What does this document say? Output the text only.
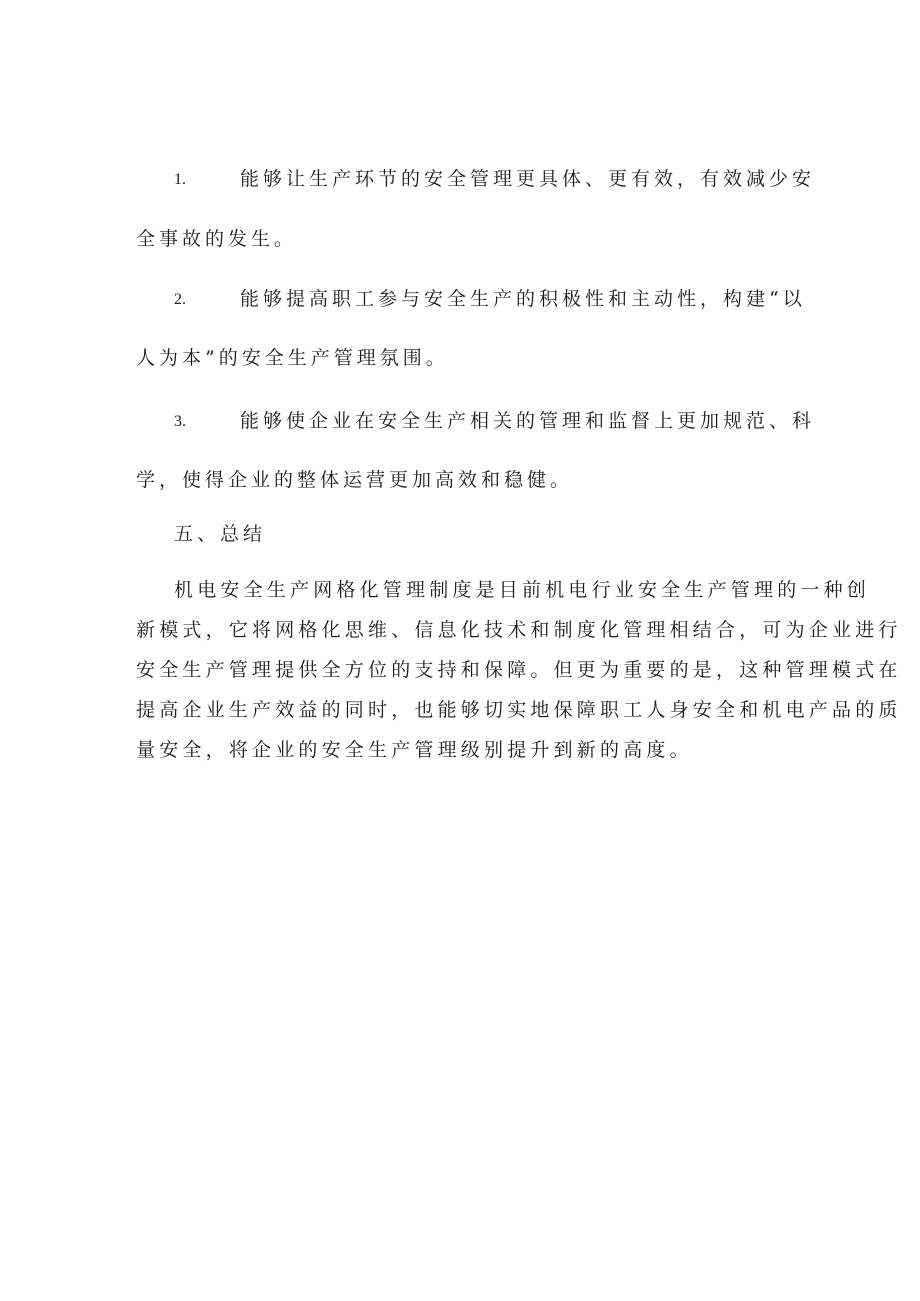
1.	能够让生产环节的安全管理更具体、更有效，有效减少安
全事故的发生。
2.	能够提高职工参与安全生产的积极性和主动性，构建“以
人为本”的安全生产管理氛围。
3.	能够使企业在安全生产相关的管理和监督上更加规范、科
学，使得企业的整体运营更加高效和稳健。
五、总结
机电安全生产网格化管理制度是目前机电行业安全生产管理的一种创
新模式，它将网格化思维、信息化技术和制度化管理相结合，可为企业进行
安全生产管理提供全方位的支持和保障。但更为重要的是，这种管理模式在
提高企业生产效益的同时，也能够切实地保障职工人身安全和机电产品的质
量安全，将企业的安全生产管理级别提升到新的高度。
